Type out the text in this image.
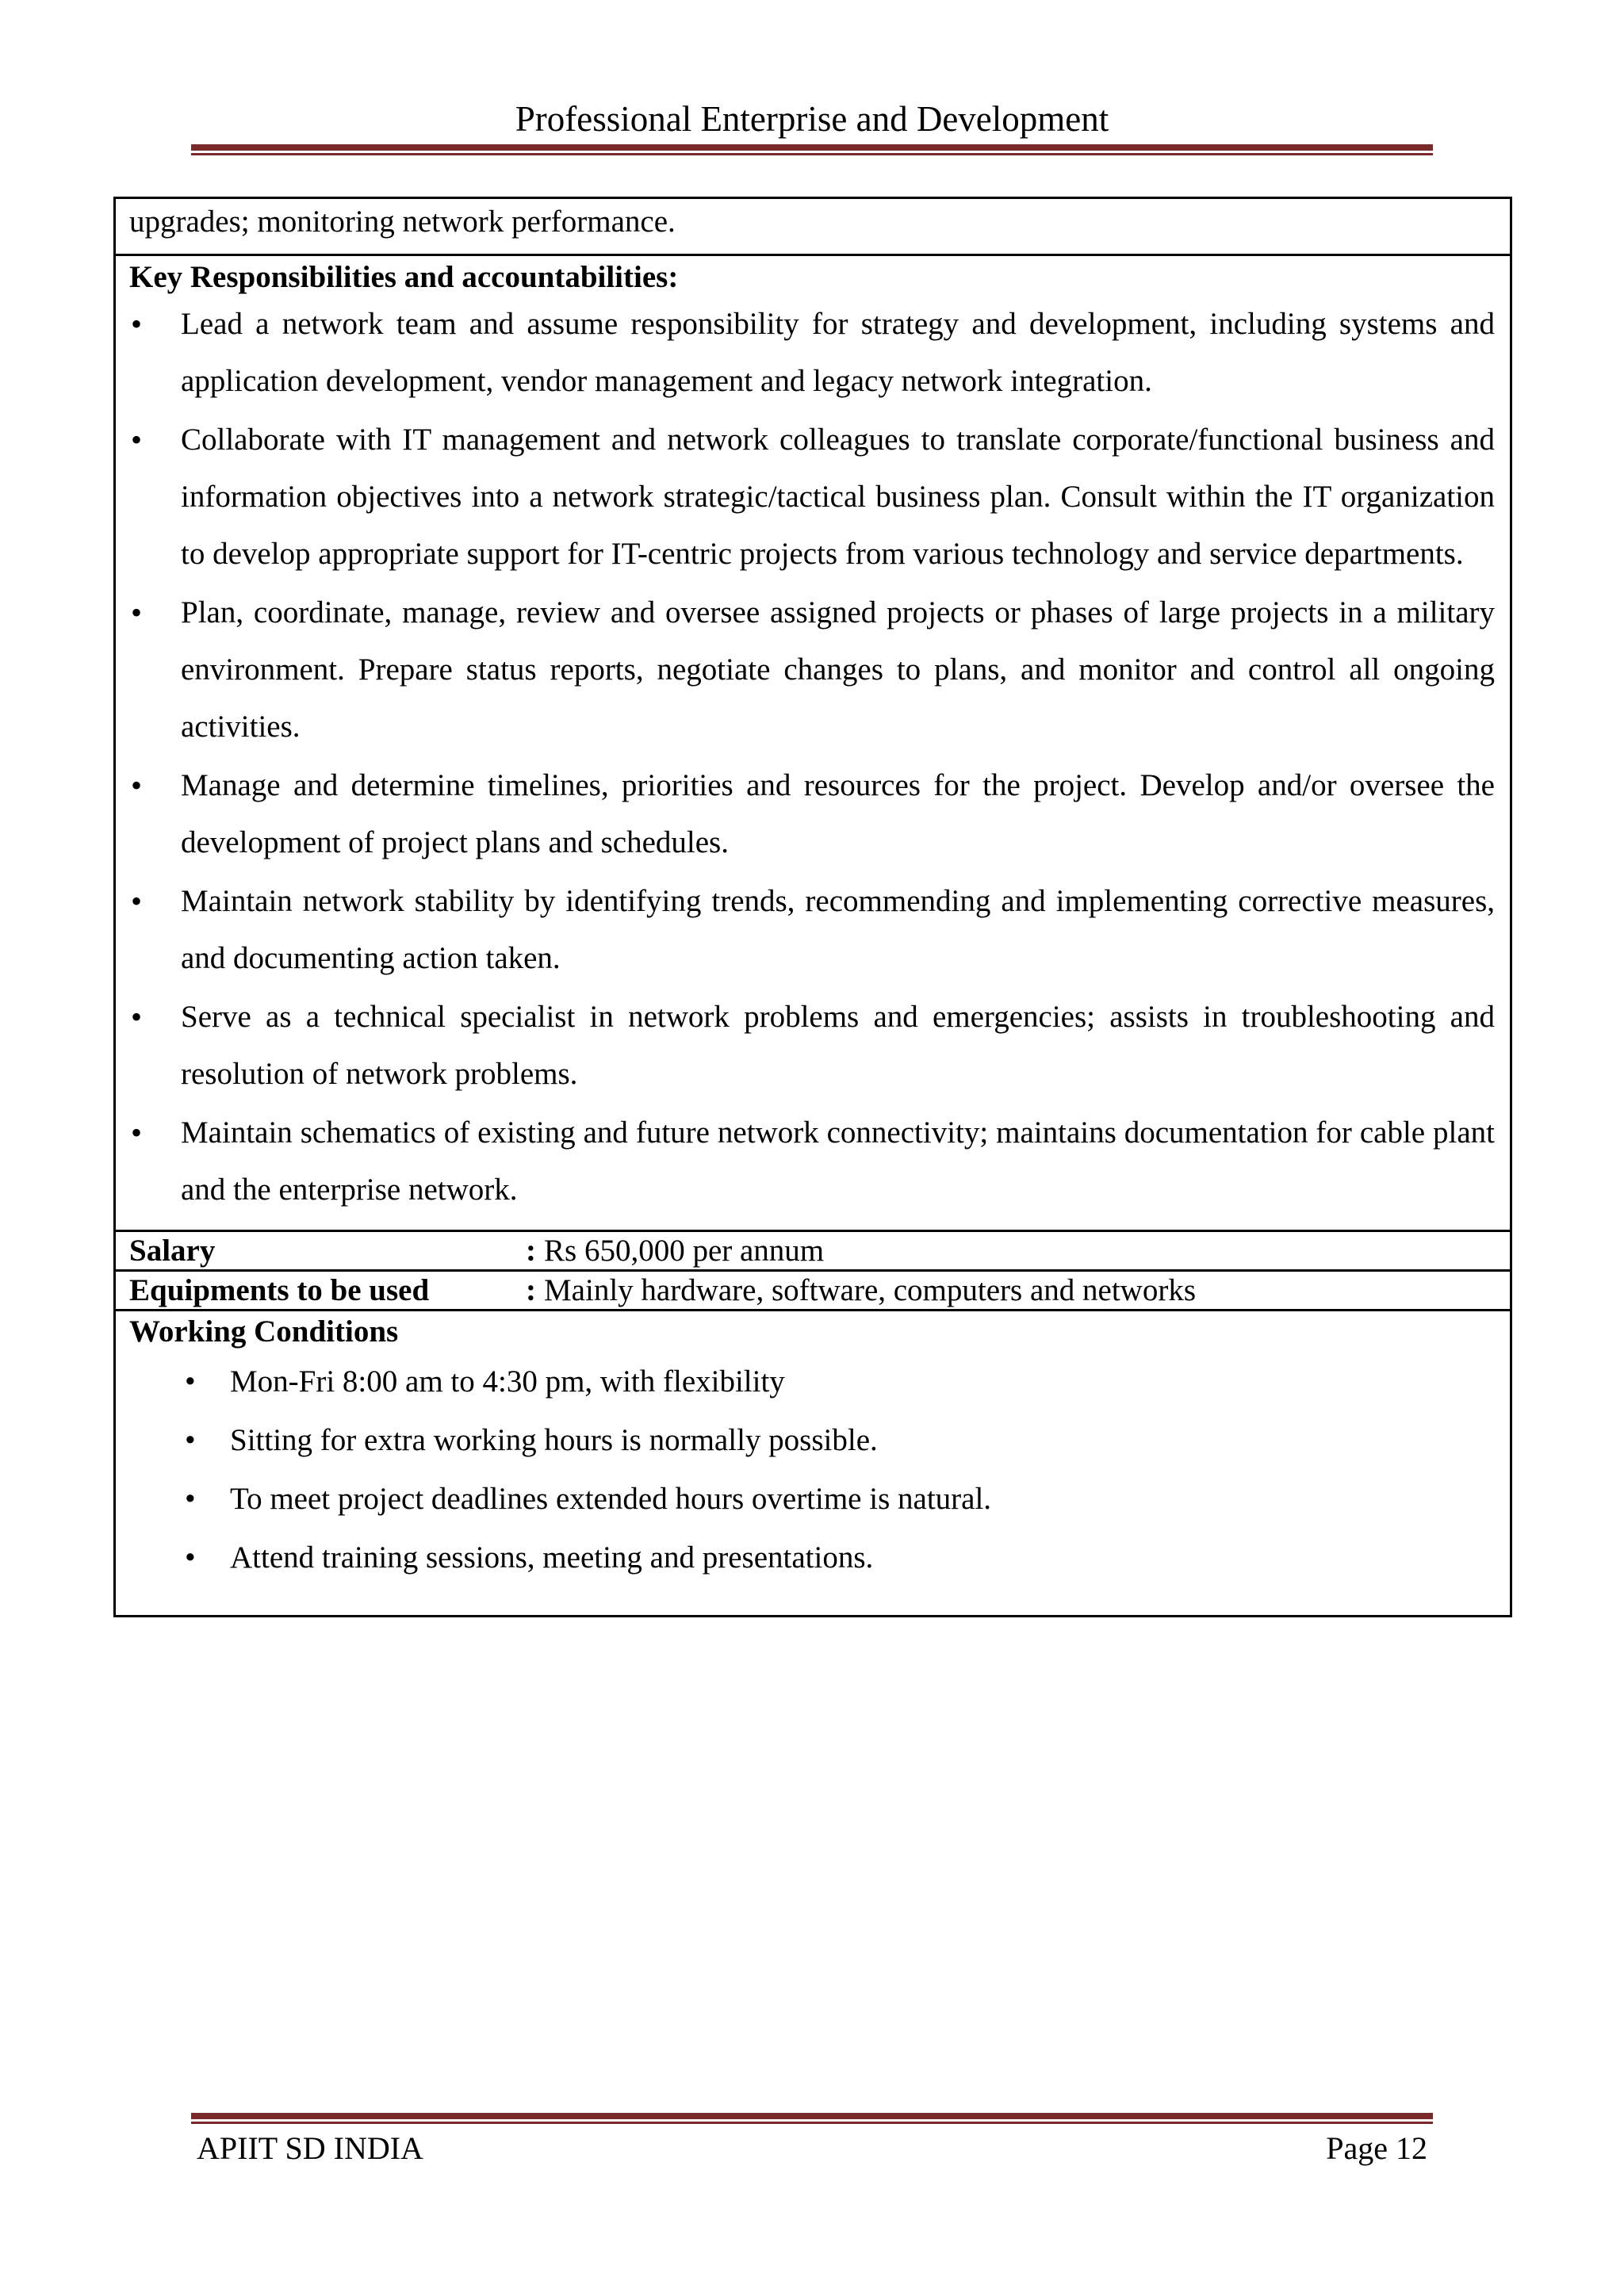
Professional Enterprise and Development
upgrades; monitoring network performance.
Key Responsibilities and accountabilities:
• Lead a network team and assume responsibility for strategy and development, including systems and application development, vendor management and legacy network integration.
• Collaborate with IT management and network colleagues to translate corporate/functional business and information objectives into a network strategic/tactical business plan. Consult within the IT organization to develop appropriate support for IT-centric projects from various technology and service departments.
• Plan, coordinate, manage, review and oversee assigned projects or phases of large projects in a military environment. Prepare status reports, negotiate changes to plans, and monitor and control all ongoing activities.
• Manage and determine timelines, priorities and resources for the project. Develop and/or oversee the development of project plans and schedules.
• Maintain network stability by identifying trends, recommending and implementing corrective measures, and documenting action taken.
• Serve as a technical specialist in network problems and emergencies; assists in troubleshooting and resolution of network problems.
• Maintain schematics of existing and future network connectivity; maintains documentation for cable plant and the enterprise network.
Salary	: Rs 650,000 per annum
Equipments to be used	: Mainly hardware, software, computers and networks
Working Conditions
• Mon-Fri 8:00 am to 4:30 pm, with flexibility
• Sitting for extra working hours is normally possible.
• To meet project deadlines extended hours overtime is natural.
• Attend training sessions, meeting and presentations.
APIIT SD INDIA	Page 12
